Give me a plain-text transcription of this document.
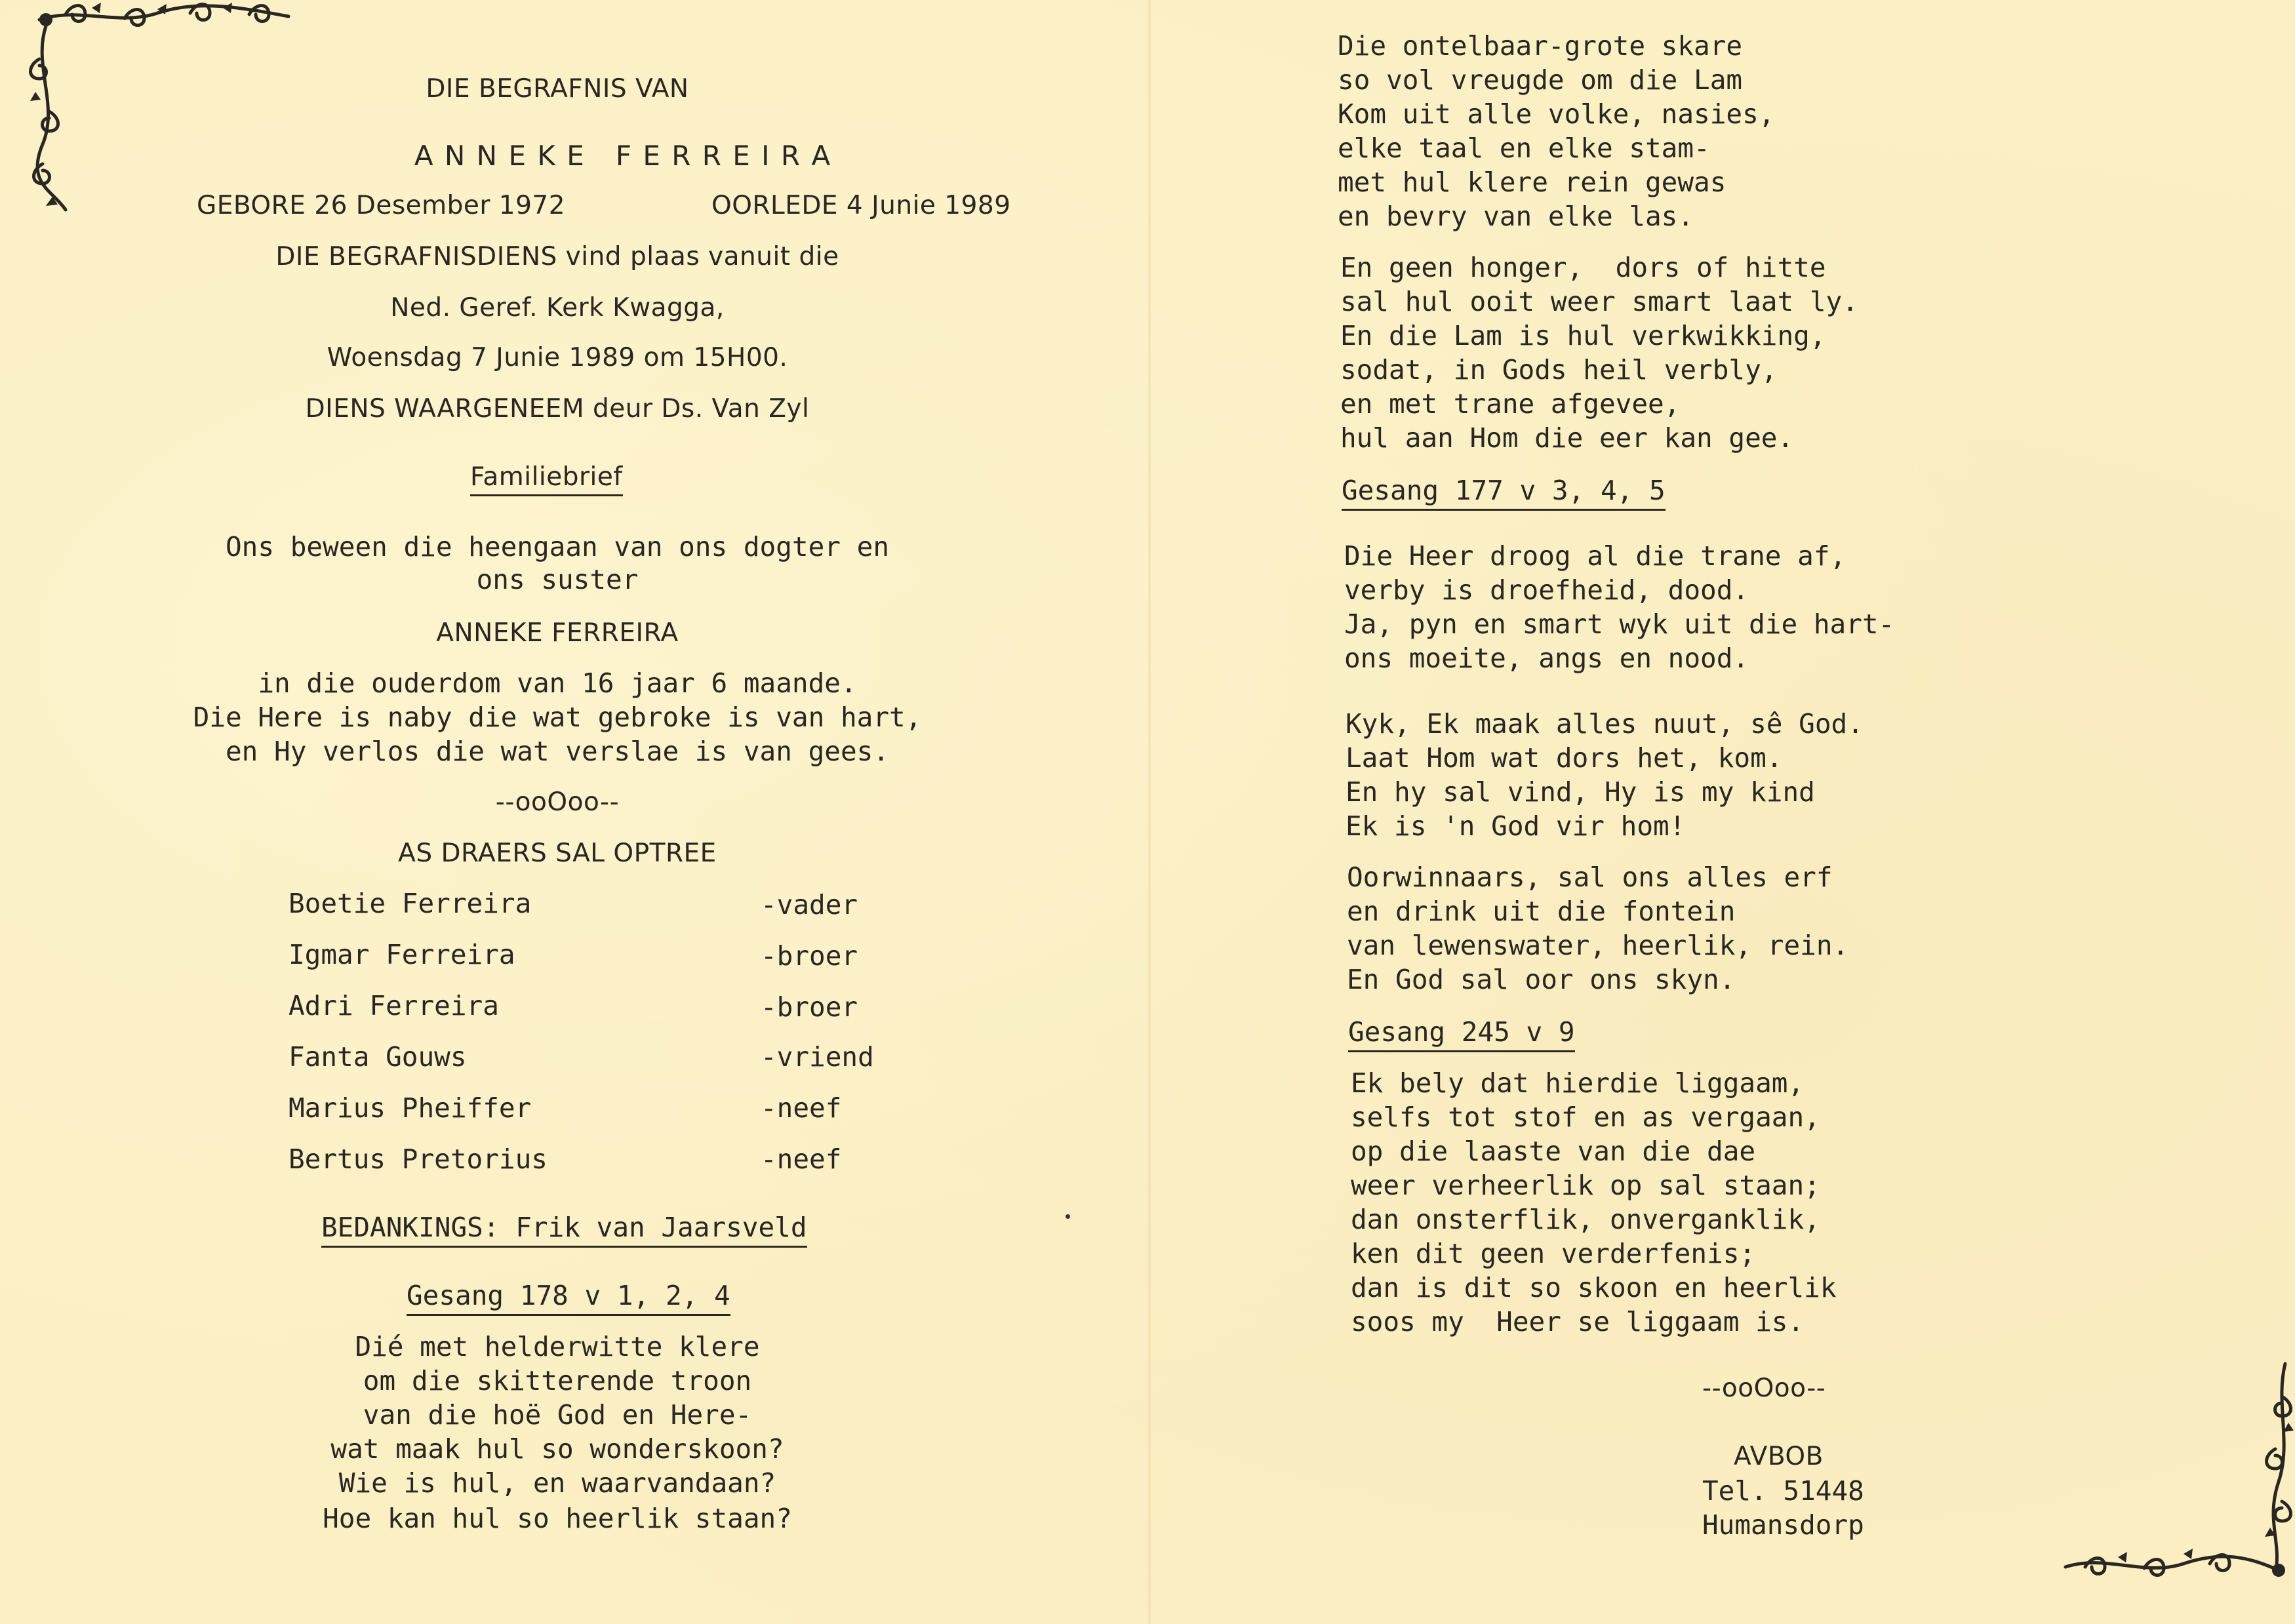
DIE BEGRAFNIS VAN
A N N E K E   F E R R E I R A
GEBORE 26 Desember 1972	OORLEDE 4 Junie 1989
DIE BEGRAFNISDIENS vind plaas vanuit die
Ned. Geref. Kerk Kwagga,
Woensdag 7 Junie 1989 om 15H00.
DIENS WAARGENEEM deur Ds. Van Zyl
Familiebrief
Ons beween die heengaan van ons dogter en
ons suster
ANNEKE FERREIRA
in die ouderdom van 16 jaar 6 maande.
Die Here is naby die wat gebroke is van hart,
en Hy verlos die wat verslae is van gees.
--ooOoo--
AS DRAERS SAL OPTREE
Boetie Ferreira	-vader
Igmar Ferreira	-broer
Adri Ferreira	-broer
Fanta Gouws	-vriend
Marius Pheiffer	-neef
Bertus Pretorius	-neef
BEDANKINGS: Frik van Jaarsveld
Gesang 178 v 1, 2, 4
Dié met helderwitte klere
om die skitterende troon
van die hoë God en Here-
wat maak hul so wonderskoon?
Wie is hul, en waarvandaan?
Hoe kan hul so heerlik staan?
Die ontelbaar-grote skare
so vol vreugde om die Lam
Kom uit alle volke, nasies,
elke taal en elke stam-
met hul klere rein gewas
en bevry van elke las.
En geen honger,  dors of hitte
sal hul ooit weer smart laat ly.
En die Lam is hul verkwikking,
sodat, in Gods heil verbly,
en met trane afgevee,
hul aan Hom die eer kan gee.
Gesang 177 v 3, 4, 5
Die Heer droog al die trane af,
verby is droefheid, dood.
Ja, pyn en smart wyk uit die hart-
ons moeite, angs en nood.
Kyk, Ek maak alles nuut, sê God.
Laat Hom wat dors het, kom.
En hy sal vind, Hy is my kind
Ek is 'n God vir hom!
Oorwinnaars, sal ons alles erf
en drink uit die fontein
van lewenswater, heerlik, rein.
En God sal oor ons skyn.
Gesang 245 v 9
Ek bely dat hierdie liggaam,
selfs tot stof en as vergaan,
op die laaste van die dae
weer verheerlik op sal staan;
dan onsterflik, onverganklik,
ken dit geen verderfenis;
dan is dit so skoon en heerlik
soos my  Heer se liggaam is.
--ooOoo--
AVBOB
Tel. 51448
Humansdorp
